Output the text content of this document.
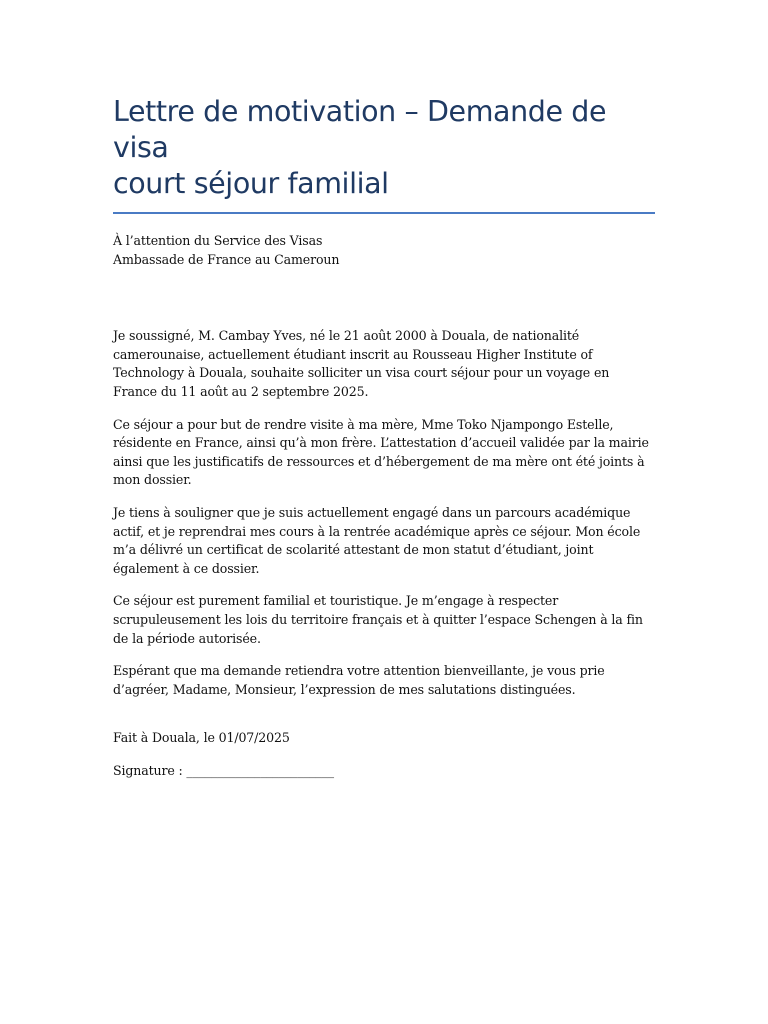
Lettre de motivation – Demande de visa
court séjour familial
À l’attention du Service des Visas
Ambassade de France au Cameroun

Je soussigné, M. Cambay Yves, né le 21 août 2000 à Douala, de nationalité camerounaise, actuellement étudiant inscrit au Rousseau Higher Institute of Technology à Douala, souhaite solliciter un visa court séjour pour un voyage en France du 11 août au 2 septembre 2025.

Ce séjour a pour but de rendre visite à ma mère, Mme Toko Njampongo Estelle, résidente en France, ainsi qu’à mon frère. L’attestation d’accueil validée par la mairie ainsi que les justificatifs de ressources et d’hébergement de ma mère ont été joints à mon dossier.

Je tiens à souligner que je suis actuellement engagé dans un parcours académique actif, et je reprendrai mes cours à la rentrée académique après ce séjour. Mon école m’a délivré un certificat de scolarité attestant de mon statut d’étudiant, joint également à ce dossier.

Ce séjour est purement familial et touristique. Je m’engage à respecter scrupuleusement les lois du territoire français et à quitter l’espace Schengen à la fin de la période autorisée.

Espérant que ma demande retiendra votre attention bienveillante, je vous prie d’agréer, Madame, Monsieur, l’expression de mes salutations distinguées.

Fait à Douala, le 01/07/2025
Signature : ________________________
